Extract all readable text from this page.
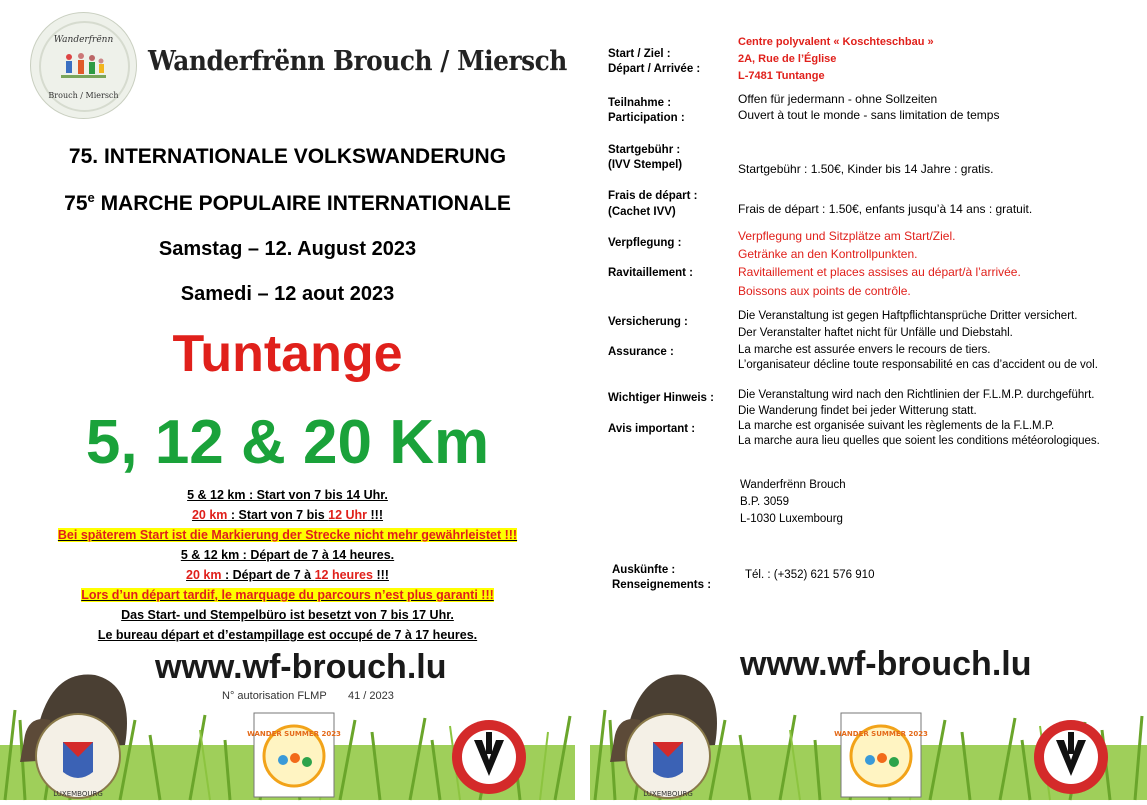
Wanderfrënn
Brouch / Miersch
Wanderfrënn Brouch / Miersch
75. INTERNATIONALE VOLKSWANDERUNG
75e MARCHE POPULAIRE INTERNATIONALE
Samstag – 12. August 2023
Samedi – 12 aout 2023
Tuntange
5, 12 & 20 Km
5 & 12 km : Start von 7 bis 14 Uhr.
20 km : Start von 7 bis 12 Uhr !!!
Bei späterem Start ist die Markierung der Strecke nicht mehr gewährleistet !!!
5 & 12 km : Départ de 7 à 14 heures.
20 km : Départ de 7 à 12 heures !!!
Lors d’un départ tardif, le marquage du parcours n’est plus garanti !!!
Das Start- und Stempelbüro ist besetzt von 7 bis 17 Uhr.
Le bureau départ et d’estampillage est occupé de 7 à 17 heures.
www.wf-brouch.lu
N° autorisation FLMP 41 / 2023
LUXEMBOURG
WANDER SUMMER 2023
Start / Ziel :
Départ / Arrivée :
Centre polyvalent « Koschteschbau »
2A, Rue de l’Église
L-7481 Tuntange
Teilnahme :
Participation :
Offen für jedermann - ohne Sollzeiten
Ouvert à tout le monde - sans limitation de temps
Startgebühr :
(IVV Stempel)	Startgebühr : 1.50€, Kinder bis 14 Jahre : gratis.
Frais de départ :
(Cachet IVV)	Frais de départ : 1.50€, enfants jusqu’à 14 ans : gratuit.
Verpflegung :
Ravitaillement :
Verpflegung und Sitzplätze am Start/Ziel.
Getränke an den Kontrollpunkten.
Ravitaillement et places assises au départ/à l’arrivée.
Boissons aux points de contrôle.
Versicherung :
Assurance :
Die Veranstaltung ist gegen Haftpflichtansprüche Dritter versichert.
Der Veranstalter haftet nicht für Unfälle und Diebstahl.
La marche est assurée envers le recours de tiers.
L’organisateur décline toute responsabilité en cas d’accident ou de vol.
Wichtiger Hinweis :
Avis important :
Die Veranstaltung wird nach den Richtlinien der F.L.M.P. durchgeführt.
Die Wanderung findet bei jeder Witterung statt.
La marche est organisée suivant les règlements de la F.L.M.P.
La marche aura lieu quelles que soient les conditions météorologiques.
Wanderfrënn Brouch
B.P. 3059
L-1030 Luxembourg
Auskünfte :
Renseignements :
Tél. : (+352) 621 576 910
www.wf-brouch.lu
LUXEMBOURG
WANDER SUMMER 2023
